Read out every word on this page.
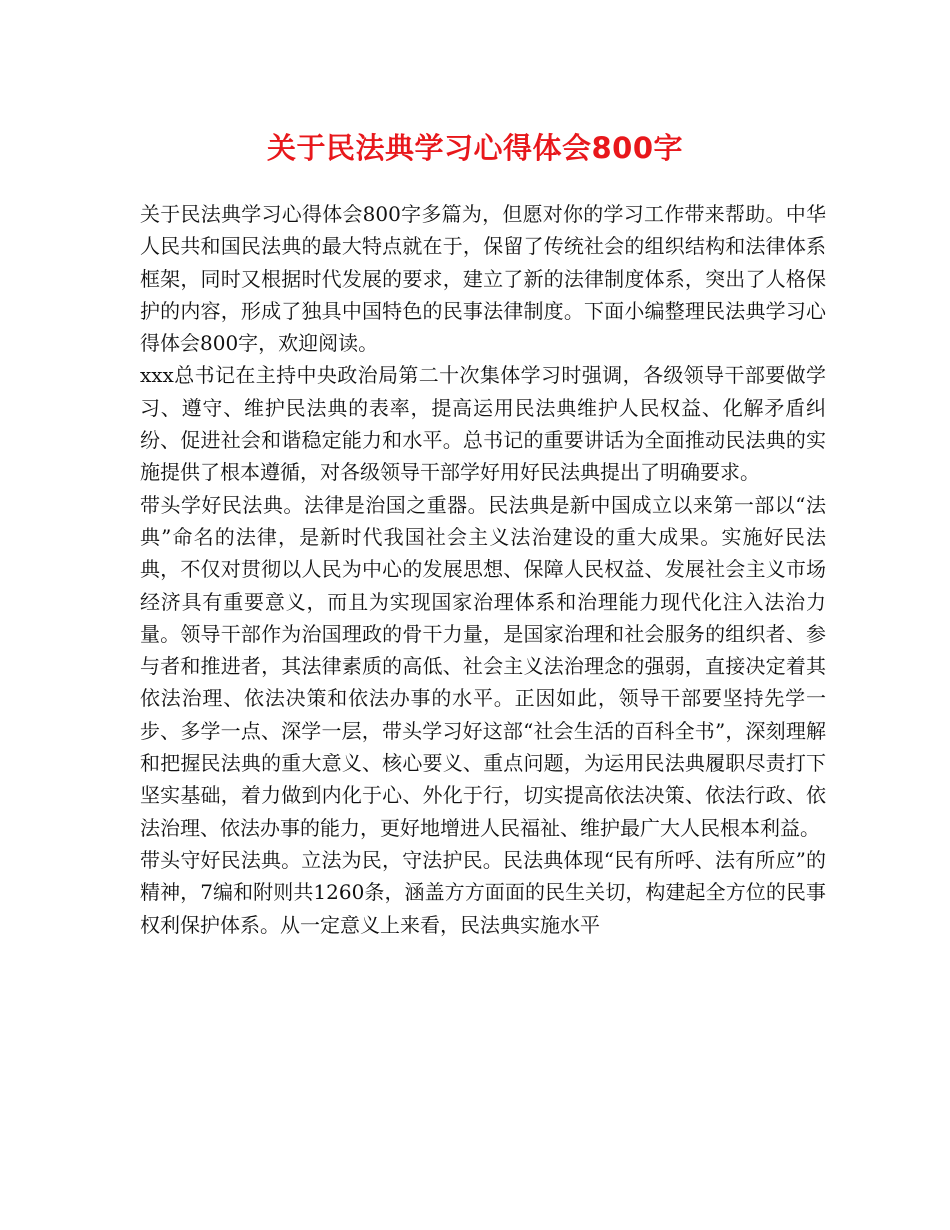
关于民法典学习心得体会800字

关于民法典学习心得体会800字多篇为，但愿对你的学习工作带来帮助。中华人民共和国民法典的最大特点就在于，保留了传统社会的组织结构和法律体系框架，同时又根据时代发展的要求，建立了新的法律制度体系，突出了人格保护的内容，形成了独具中国特色的民事法律制度。下面小编整理民法典学习心得体会800字，欢迎阅读。

xxx总书记在主持中央政治局第二十次集体学习时强调，各级领导干部要做学习、遵守、维护民法典的表率，提高运用民法典维护人民权益、化解矛盾纠纷、促进社会和谐稳定能力和水平。总书记的重要讲话为全面推动民法典的实施提供了根本遵循，对各级领导干部学好用好民法典提出了明确要求。

带头学好民法典。法律是治国之重器。民法典是新中国成立以来第一部以“法典”命名的法律，是新时代我国社会主义法治建设的重大成果。实施好民法典，不仅对贯彻以人民为中心的发展思想、保障人民权益、发展社会主义市场经济具有重要意义，而且为实现国家治理体系和治理能力现代化注入法治力量。领导干部作为治国理政的骨干力量，是国家治理和社会服务的组织者、参与者和推进者，其法律素质的高低、社会主义法治理念的强弱，直接决定着其依法治理、依法决策和依法办事的水平。正因如此，领导干部要坚持先学一步、多学一点、深学一层，带头学习好这部“社会生活的百科全书”，深刻理解和把握民法典的重大意义、核心要义、重点问题，为运用民法典履职尽责打下坚实基础，着力做到内化于心、外化于行，切实提高依法决策、依法行政、依法治理、依法办事的能力，更好地增进人民福祉、维护最广大人民根本利益。

带头守好民法典。立法为民，守法护民。民法典体现“民有所呼、法有所应”的精神，7编和附则共1260条，涵盖方方面面的民生关切，构建起全方位的民事权利保护体系。从一定意义上来看，民法典实施水平
